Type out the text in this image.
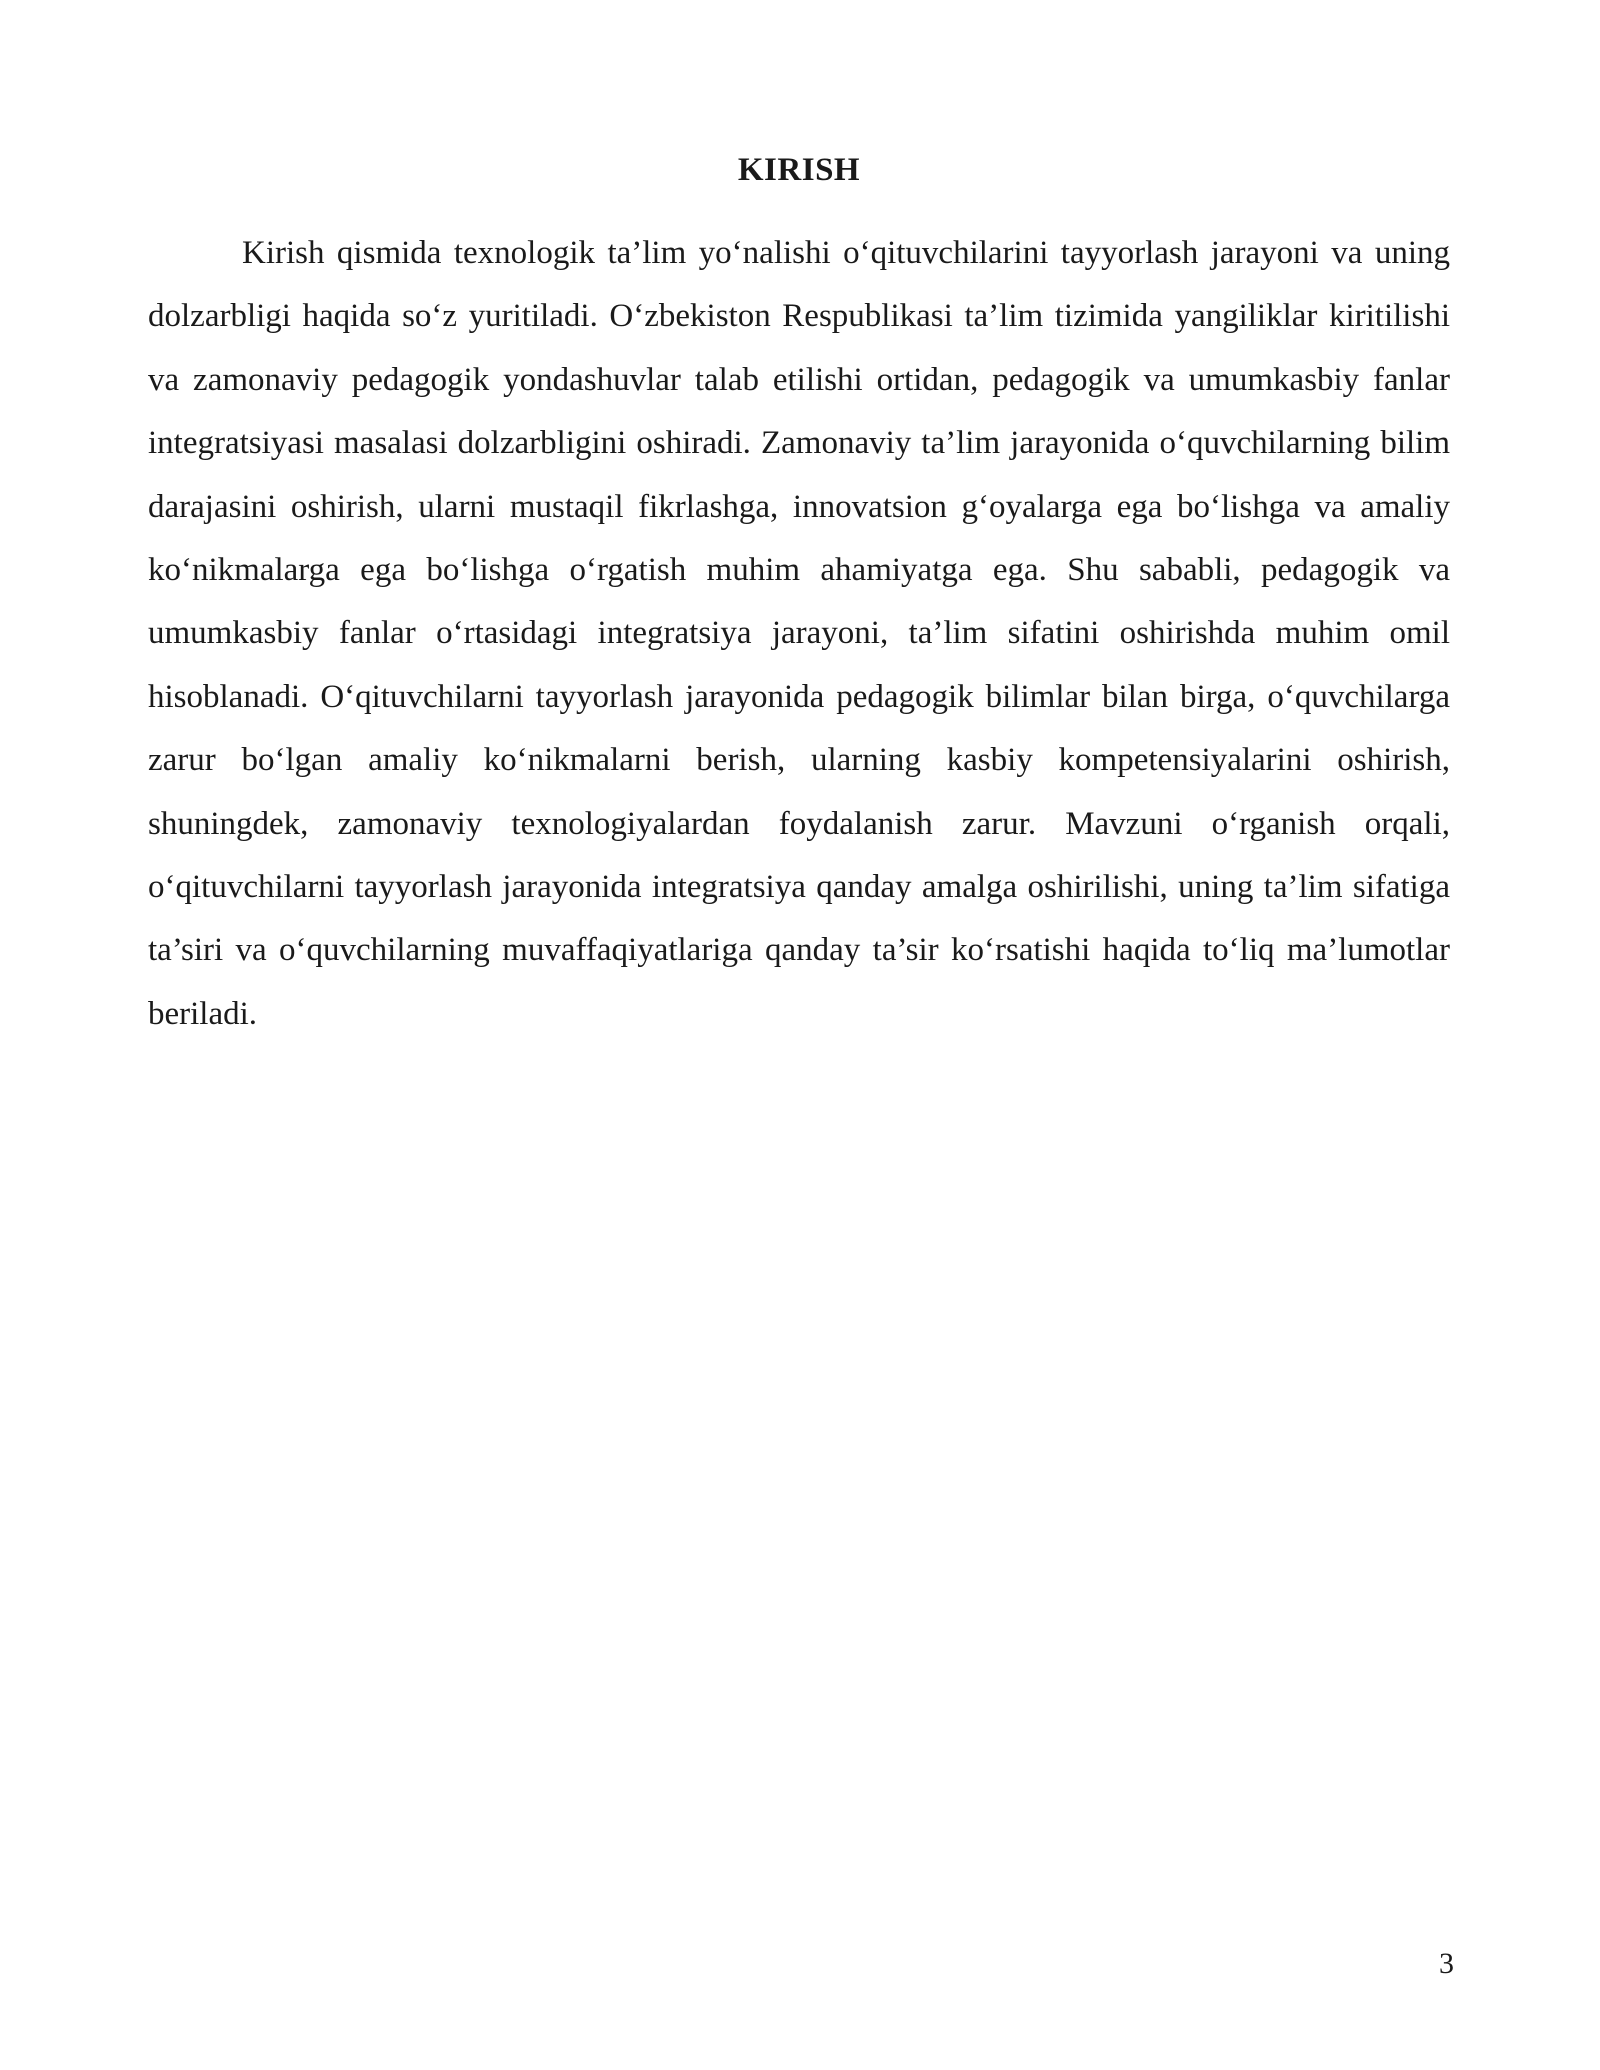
KIRISH

Kirish qismida texnologik ta’lim yo‘nalishi o‘qituvchilarini tayyorlash jarayoni va uning dolzarbligi haqida so‘z yuritiladi. O‘zbekiston Respublikasi ta’lim tizimida yangiliklar kiritilishi va zamonaviy pedagogik yondashuvlar talab etilishi ortidan, pedagogik va umumkasbiy fanlar integratsiyasi masalasi dolzarbligini oshiradi. Zamonaviy ta’lim jarayonida o‘quvchilarning bilim darajasini oshirish, ularni mustaqil fikrlashga, innovatsion g‘oyalarga ega bo‘lishga va amaliy ko‘nikmalarga ega bo‘lishga o‘rgatish muhim ahamiyatga ega. Shu sababli, pedagogik va umumkasbiy fanlar o‘rtasidagi integratsiya jarayoni, ta’lim sifatini oshirishda muhim omil hisoblanadi. O‘qituvchilarni tayyorlash jarayonida pedagogik bilimlar bilan birga, o‘quvchilarga zarur bo‘lgan amaliy ko‘nikmalarni berish, ularning kasbiy kompetensiyalarini oshirish, shuningdek, zamonaviy texnologiyalardan foydalanish zarur. Mavzuni o‘rganish orqali, o‘qituvchilarni tayyorlash jarayonida integratsiya qanday amalga oshirilishi, uning ta’lim sifatiga ta’siri va o‘quvchilarning muvaffaqiyatlariga qanday ta’sir ko‘rsatishi haqida to‘liq ma’lumotlar beriladi.

3
